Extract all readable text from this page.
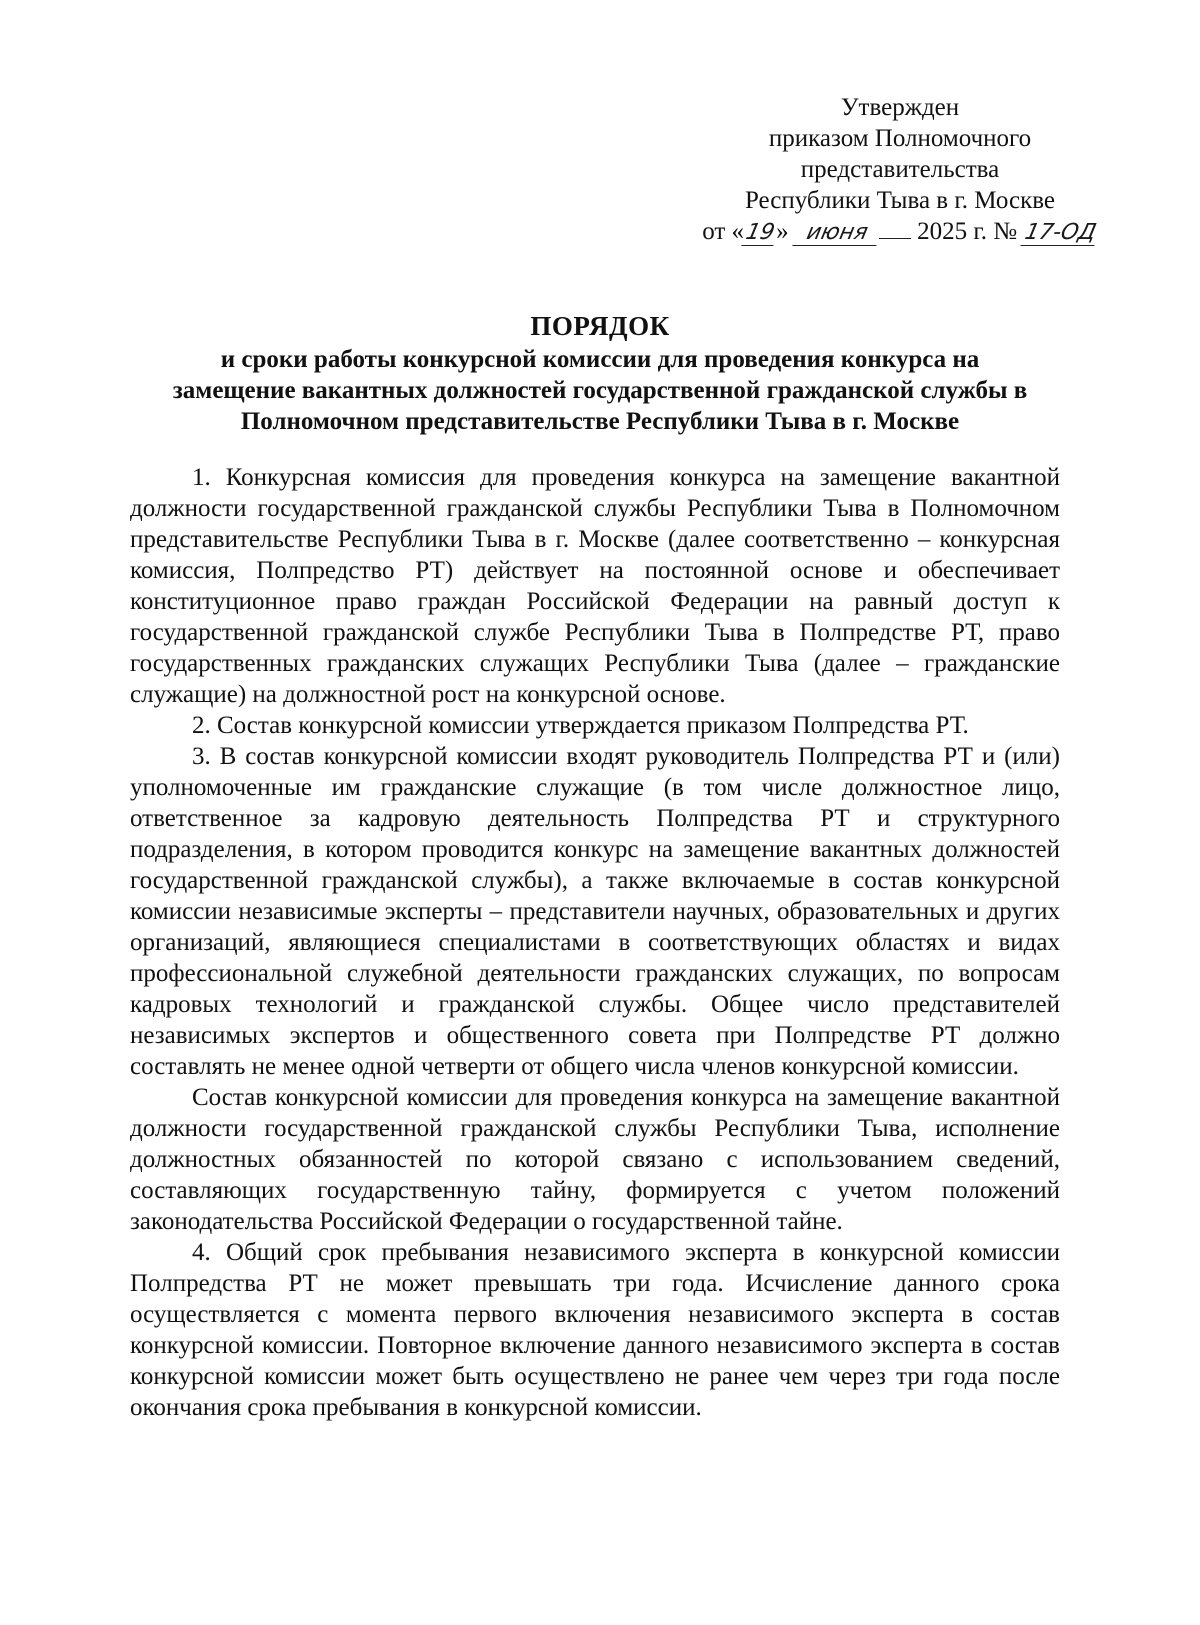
Утвержден
приказом Полномочного
представительства
Республики Тыва в г. Москве
от «19» июня 2025 г. № 17-ОД
ПОРЯДОК
и сроки работы конкурсной комиссии для проведения конкурса на
замещение вакантных должностей государственной гражданской службы в
Полномочном представительстве Республики Тыва в г. Москве

1. Конкурсная комиссия для проведения конкурса на замещение вакантной должности государственной гражданской службы Республики Тыва в Полномочном представительстве Республики Тыва в г. Москве (далее соответственно – конкурсная комиссия, Полпредство РТ) действует на постоянной основе и обеспечивает конституционное право граждан Российской Федерации на равный доступ к государственной гражданской службе Республики Тыва в Полпредстве РТ, право государственных гражданских служащих Республики Тыва (далее – гражданские служащие) на должностной рост на конкурсной основе.

2. Состав конкурсной комиссии утверждается приказом Полпредства РТ.

3. В состав конкурсной комиссии входят руководитель Полпредства РТ и (или) уполномоченные им гражданские служащие (в том числе должностное лицо, ответственное за кадровую деятельность Полпредства РТ и структурного подразделения, в котором проводится конкурс на замещение вакантных должностей государственной гражданской службы), а также включаемые в состав конкурсной комиссии независимые эксперты – представители научных, образовательных и других организаций, являющиеся специалистами в соответствующих областях и видах профессиональной служебной деятельности гражданских служащих, по вопросам кадровых технологий и гражданской службы. Общее число представителей независимых экспертов и общественного совета при Полпредстве РТ должно составлять не менее одной четверти от общего числа членов конкурсной комиссии.

Состав конкурсной комиссии для проведения конкурса на замещение вакантной должности государственной гражданской службы Республики Тыва, исполнение должностных обязанностей по которой связано с использованием сведений, составляющих государственную тайну, формируется с учетом положений законодательства Российской Федерации о государственной тайне.

4. Общий срок пребывания независимого эксперта в конкурсной комиссии Полпредства РТ не может превышать три года. Исчисление данного срока осуществляется с момента первого включения независимого эксперта в состав конкурсной комиссии. Повторное включение данного независимого эксперта в состав конкурсной комиссии может быть осуществлено не ранее чем через три года после окончания срока пребывания в конкурсной комиссии.
